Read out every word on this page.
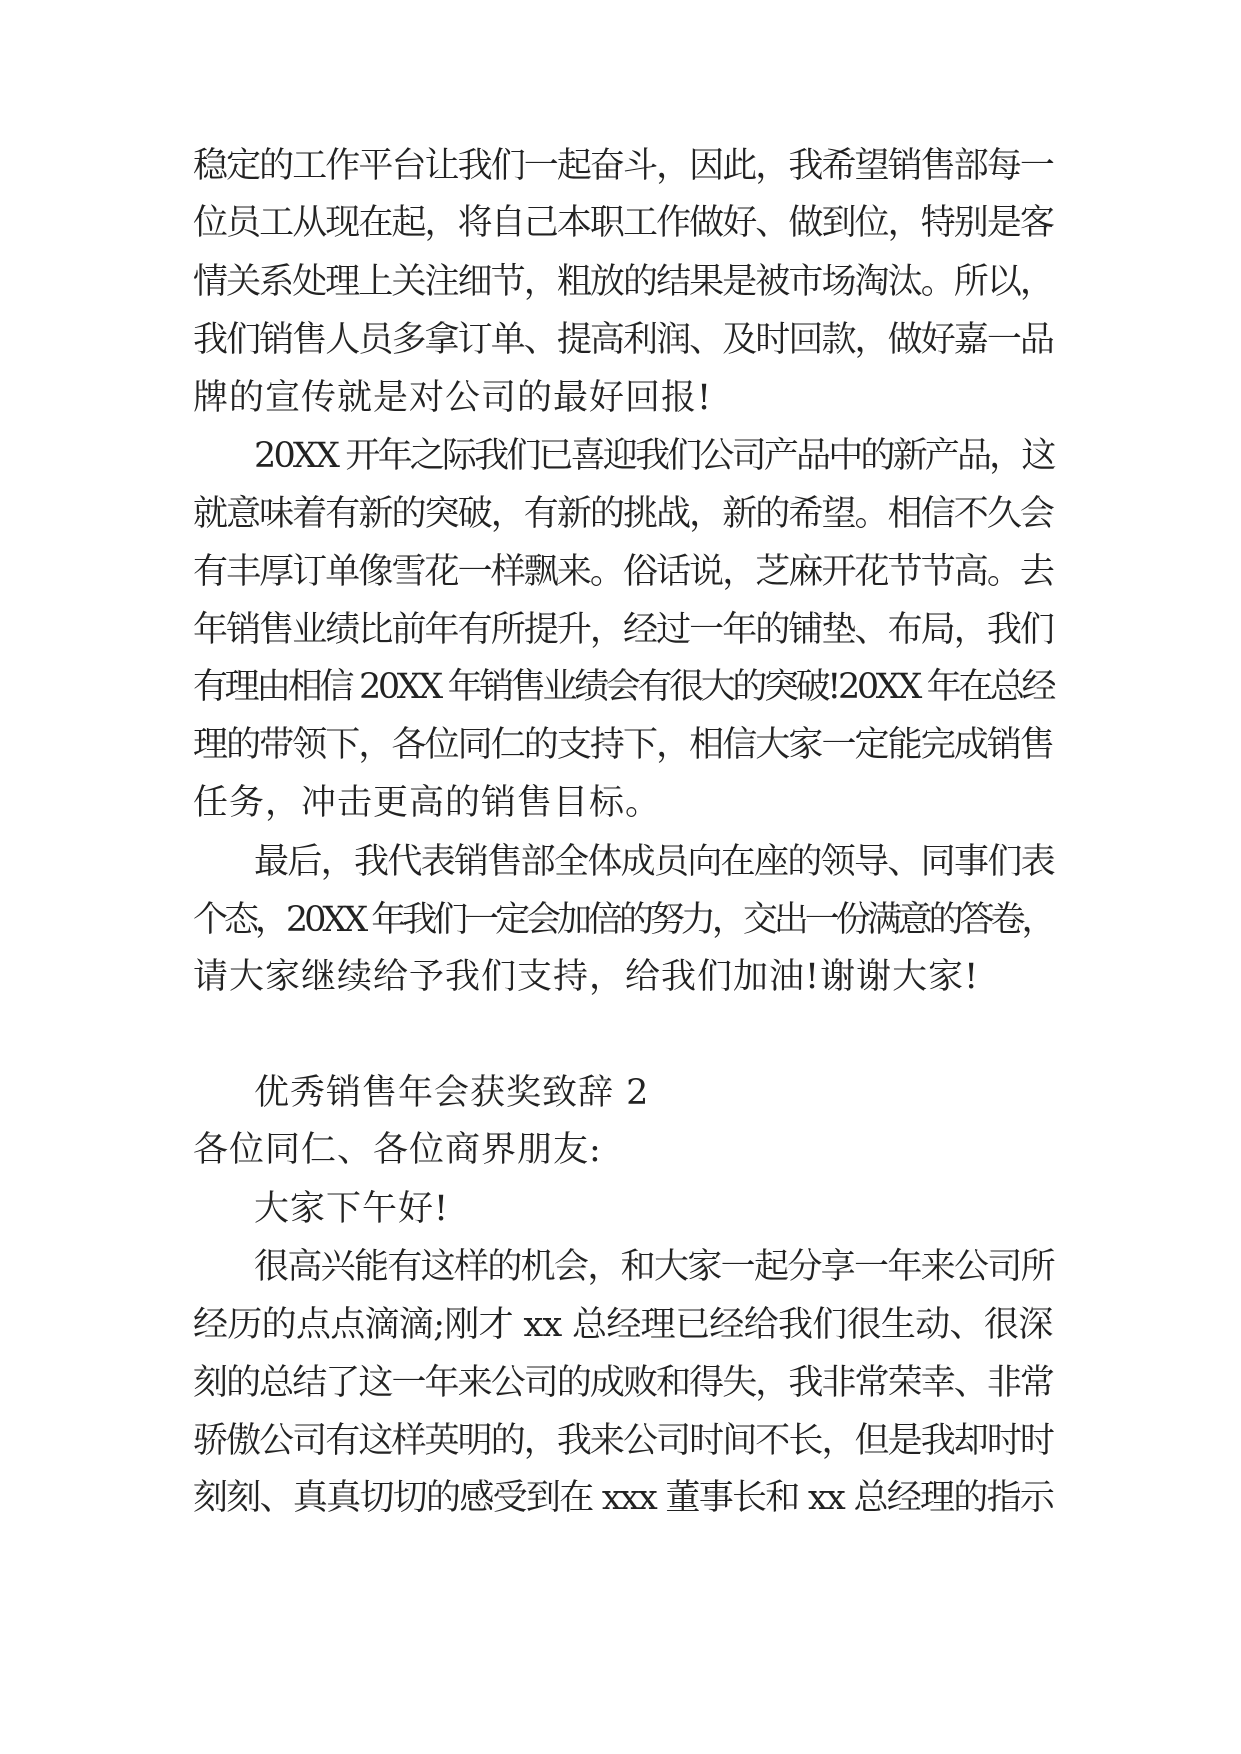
稳定的工作平台让我们一起奋斗，因此，我希望销售部每一
位员工从现在起，将自己本职工作做好、做到位，特别是客
情关系处理上关注细节，粗放的结果是被市场淘汰。所以，
我们销售人员多拿订单、提高利润、及时回款，做好嘉一品
牌的宣传就是对公司的最好回报!
20XX 开年之际我们已喜迎我们公司产品中的新产品，这
就意味着有新的突破，有新的挑战，新的希望。相信不久会
有丰厚订单像雪花一样飘来。俗话说，芝麻开花节节高。去
年销售业绩比前年有所提升，经过一年的铺垫、布局，我们
有理由相信 20XX 年销售业绩会有很大的突破!20XX 年在总经
理的带领下，各位同仁的支持下，相信大家一定能完成销售
任务，冲击更高的销售目标。
最后，我代表销售部全体成员向在座的领导、同事们表
个态，20XX 年我们一定会加倍的努力，交出一份满意的答卷，
请大家继续给予我们支持，给我们加油!谢谢大家!
优秀销售年会获奖致辞 2
各位同仁、各位商界朋友:
大家下午好!
很高兴能有这样的机会，和大家一起分享一年来公司所
经历的点点滴滴;刚才 xx 总经理已经给我们很生动、很深
刻的总结了这一年来公司的成败和得失，我非常荣幸、非常
骄傲公司有这样英明的，我来公司时间不长，但是我却时时
刻刻、真真切切的感受到在 xxx 董事长和 xx 总经理的指示
